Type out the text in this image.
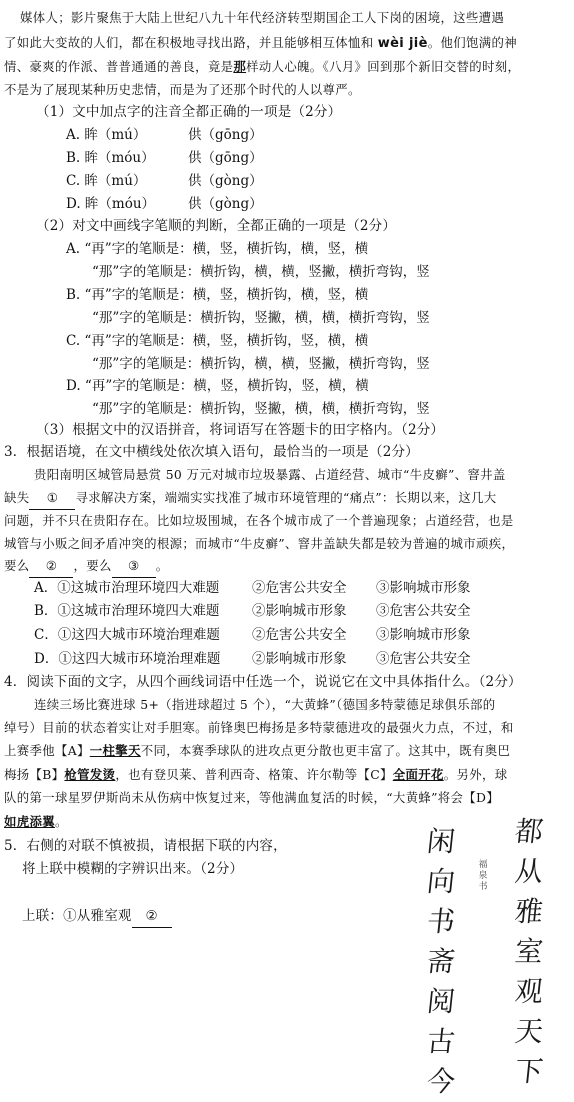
媒体人；影片聚焦于大陆上世纪八九十年代经济转型期国企工人下岗的困境，这些遭遇
了如此大变故的人们，都在积极地寻找出路，并且能够相互体恤和 wèi jiè。他们饱满的神
情、豪爽的作派、普普通通的善良，竟是那样动人心魄。《八月》回到那个新旧交替的时刻，
不是为了展现某种历史悲情，而是为了还那个时代的人以尊严。
（1）文中加点字的注音全都正确的一项是（2分）
A. 眸（mú）	供（gōng）
B. 眸（móu） 供（gōng）
C. 眸（mú）	供（gòng）
D. 眸（móu） 供（gòng）
（2）对文中画线字笔顺的判断，全都正确的一项是（2分）
A. “再”字的笔顺是：横，竖，横折钩，横，竖，横
“那”字的笔顺是：横折钩，横，横，竖撇，横折弯钩，竖
B. “再”字的笔顺是：横，竖，横折钩，横，竖，横
“那”字的笔顺是：横折钩，竖撇，横，横，横折弯钩，竖
C. “再”字的笔顺是：横，竖，横折钩，竖，横，横
“那”字的笔顺是：横折钩，横，横，竖撇，横折弯钩，竖
D. “再”字的笔顺是：横，竖，横折钩，竖，横，横
“那”字的笔顺是：横折钩，竖撇，横，横，横折弯钩，竖
（3）根据文中的汉语拼音，将词语写在答题卡的田字格内。（2分）
3．根据语境，在文中横线处依次填入语句，最恰当的一项是（2分）
贵阳南明区城管局悬赏 50 万元对城市垃圾暴露、占道经营、城市“牛皮癣”、窨井盖
缺失 ① 寻求解决方案，端端实实找准了城市环境管理的“痛点”：长期以来，这几大
问题，并不只在贵阳存在。比如垃圾围城，在各个城市成了一个普遍现象；占道经营，也是
城管与小贩之间矛盾冲突的根源；而城市“牛皮癣”、窨井盖缺失都是较为普遍的城市顽疾，
要么 ② ，要么 ③ 。
A．①这城市治理环境四大难题 ②危害公共安全 ③影响城市形象
B．①这城市治理环境四大难题 ②影响城市形象 ③危害公共安全
C．①这四大城市环境治理难题 ②危害公共安全 ③影响城市形象
D．①这四大城市环境治理难题 ②影响城市形象 ③危害公共安全
4．阅读下面的文字，从四个画线词语中任选一个，说说它在文中具体指什么。（2分）
连续三场比赛进球 5+（指进球超过 5 个），“大黄蜂”（德国多特蒙德足球俱乐部的
绰号）目前的状态着实让对手胆寒。前锋奥巴梅扬是多特蒙德进攻的最强火力点，不过，和
上赛季他【A】一柱擎天不同，本赛季球队的进攻点更分散也更丰富了。这其中，既有奥巴
梅扬【B】枪管发烫，也有登贝莱、普利西奇、格策、许尔勒等【C】全面开花。另外，球
队的第一球星罗伊斯尚未从伤病中恢复过来，等他满血复活的时候，“大黄蜂”将会【D】
如虎添翼。
5．右侧的对联不慎被损，请根据下联的内容，
将上联中模糊的字辨识出来。（2分）
上联：①从雅室观 ②
都
从
雅
室
观
天
下
闲
向
书
斋
阅
古
今
福泉书
